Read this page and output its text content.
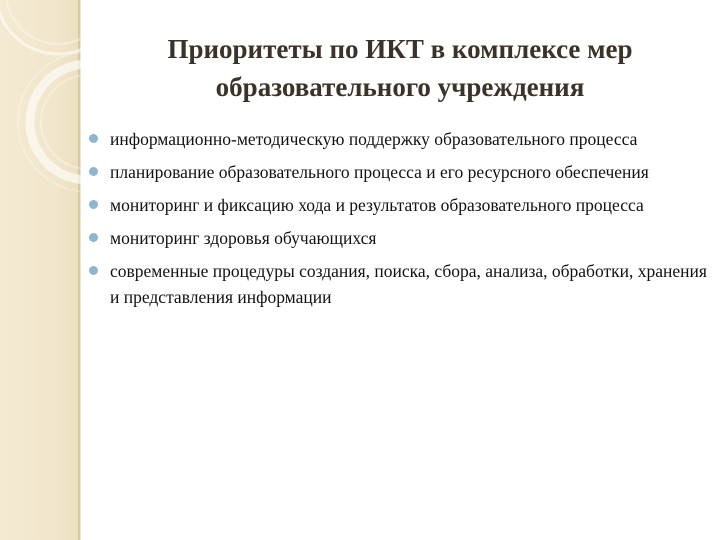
Приоритеты по ИКТ в комплексе мер
образовательного учреждения
информационно-методическую поддержку образовательного процесса
планирование образовательного процесса и его ресурсного обеспечения
мониторинг и фиксацию хода и результатов образовательного процесса
мониторинг здоровья обучающихся
современные процедуры создания, поиска, сбора, анализа, обработки, хранения и представления информации
